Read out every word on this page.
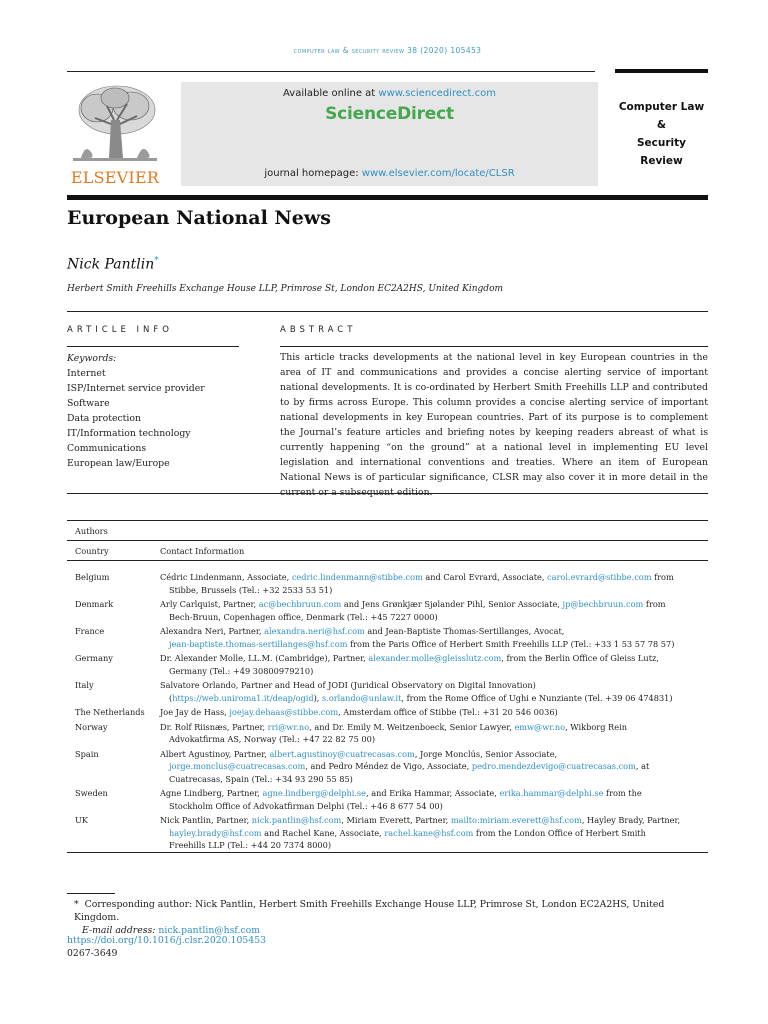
computer law & security review 38 (2020) 105453
ELSEVIER
Available online at www.sciencedirect.com
ScienceDirect
journal homepage: www.elsevier.com/locate/CLSR
Computer Law
&
Security Review
European National News
Nick Pantlin*
Herbert Smith Freehills Exchange House LLP, Primrose St, London EC2A2HS, United Kingdom
ARTICLE INFO	ABSTRACT
Keywords:
Internet
ISP/Internet service provider
Software
Data protection
IT/Information technology
Communications
European law/Europe
This article tracks developments at the national level in key European countries in the area of IT and communications and provides a concise alerting service of important national developments. It is co-ordinated by Herbert Smith Freehills LLP and contributed to by firms across Europe. This column provides a concise alerting service of important national developments in key European countries. Part of its purpose is to complement the Journal’s feature articles and briefing notes by keeping readers abreast of what is currently happening “on the ground” at a national level in implementing EU level legislation and international conventions and treaties. Where an item of European National News is of particular significance, CLSR may also cover it in more detail in the
Authors	
Country	Contact Information
Belgium	Cédric Lindenmann, Associate, cedric.lindenmann@stibbe.com and Carol Evrard, Associate, carol.evrard@stibbe.com from
Stibbe, Brussels (Tel.: +32 2533 53 51)

Denmark	Arly Carlquist, Partner, ac@bechbruun.com and Jens Grønkjær Sjølander Pihl, Senior Associate, jp@bechbruun.com from
Bech-Bruun, Copenhagen office, Denmark (Tel.: +45 7227 0000)

France	Alexandra Neri, Partner, alexandra.neri@hsf.com and Jean-Baptiste Thomas-Sertillanges, Avocat,
jean-baptiste.thomas-sertillanges@hsf.com from the Paris Office of Herbert Smith Freehills LLP (Tel.: +33 1 53 57 78 57)

Germany	Dr. Alexander Molle, LL.M. (Cambridge), Partner, alexander.molle@gleisslutz.com, from the Berlin Office of Gleiss Lutz,
Germany (Tel.: +49 30800979210)

Italy	Salvatore Orlando, Partner and Head of JODI (Juridical Observatory on Digital Innovation)
(https://web.uniroma1.it/deap/ogid), s.orlando@unlaw.it, from the Rome Office of Ughi e Nunziante (Tel. +39 06 474831)

The Netherlands	Joe Jay de Hass, joejay.dehaas@stibbe.com, Amsterdam office of Stibbe (Tel.: +31 20 546 0036)

Norway	Dr. Rolf Riisnæs, Partner, rri@wr.no, and Dr. Emily M. Weitzenboeck, Senior Lawyer, emw@wr.no, Wikborg Rein
Advokatfirma AS, Norway (Tel.: +47 22 82 75 00)

Spain	Albert Agustinoy, Partner, albert.agustinoy@cuatrecasas.com, Jorge Monclús, Senior Associate,
jorge.monclus@cuatrecasas.com, and Pedro Méndez de Vigo, Associate, pedro.mendezdevigo@cuatrecasas.com, at
Cuatrecasas, Spain (Tel.: +34 93 290 55 85)

Sweden	Agne Lindberg, Partner, agne.lindberg@delphi.se, and Erika Hammar, Associate, erika.hammar@delphi.se from the
Stockholm Office of Advokatfirman Delphi (Tel.: +46 8 677 54 00)

UK	Nick Pantlin, Partner, nick.pantlin@hsf.com, Miriam Everett, Partner, mailto:miriam.everett@hsf.com, Hayley Brady, Partner,
hayley.brady@hsf.com and Rachel Kane, Associate, rachel.kane@hsf.com from the London Office of Herbert Smith
Freehills LLP (Tel.: +44 20 7374 8000)
* Corresponding author: Nick Pantlin, Herbert Smith Freehills Exchange House LLP, Primrose St, London EC2A2HS, United Kingdom.
E-mail address: nick.pantlin@hsf.com
https://doi.org/10.1016/j.clsr.2020.105453
0267-3649
